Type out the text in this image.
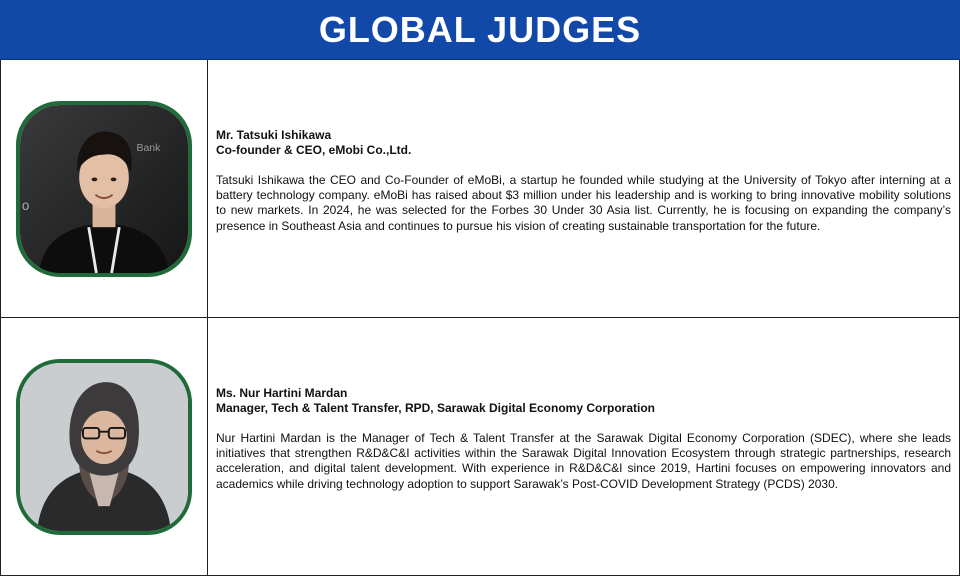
GLOBAL JUDGES
Bank
o
Mr. Tatsuki Ishikawa
Co-founder & CEO, eMobi Co.,Ltd.

Tatsuki Ishikawa the CEO and Co-Founder of eMoBi, a startup he founded while studying at the University of Tokyo after interning at a battery technology company. eMoBi has raised about $3 million under his leadership and is working to bring innovative mobility solutions to new markets. In 2024, he was selected for the Forbes 30 Under 30 Asia list. Currently, he is focusing on expanding the company’s presence in Southeast Asia and continues to pursue his vision of creating sustainable transportation for the future.

Ms. Nur Hartini Mardan
Manager, Tech & Talent Transfer, RPD, Sarawak Digital Economy Corporation

Nur Hartini Mardan is the Manager of Tech & Talent Transfer at the Sarawak Digital Economy Corporation (SDEC), where she leads initiatives that strengthen R&D&C&I activities within the Sarawak Digital Innovation Ecosystem through strategic partnerships, research acceleration, and digital talent development. With experience in R&D&C&I since 2019, Hartini focuses on empowering innovators and academics while driving technology adoption to support Sarawak’s Post-COVID Development Strategy (PCDS) 2030.
